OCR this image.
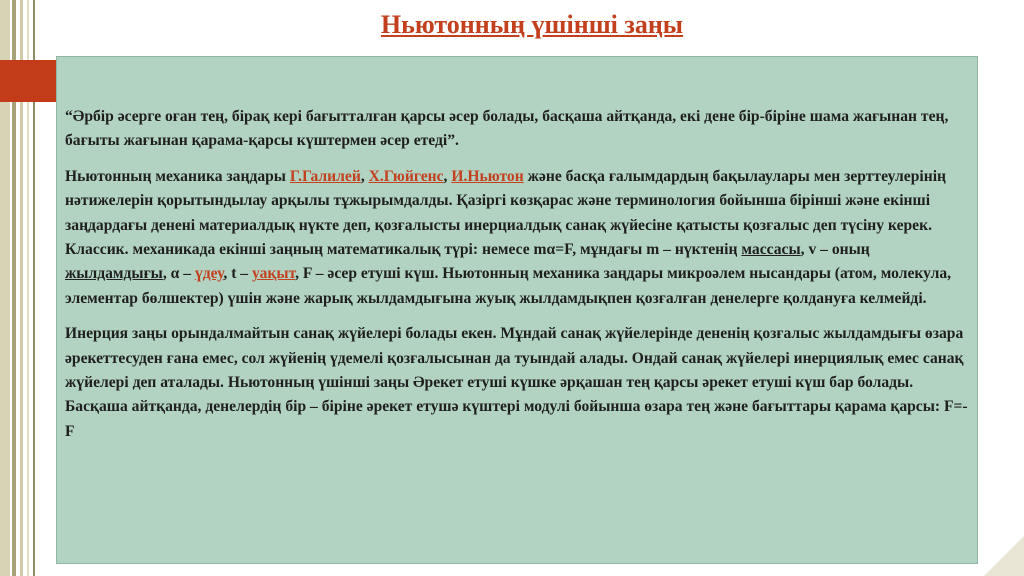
Ньютонның үшінші заңы

“Әрбір әсерге оған тең, бірақ кері бағытталған қарсы әсер болады, басқаша айтқанда, екі дене бір-біріне шама жағынан тең, бағыты жағынан қарама-қарсы күштермен әсер етеді”.

Ньютонның механика заңдары Г.Галилей, Х.Гюйгенс, И.Ньютон және басқа ғалымдардың бақылаулары мен зерттеулерінің нәтижелерін қорытындылау арқылы тұжырымдалды. Қазіргі көзқарас және терминология бойынша бірінші және екінші заңдардағы денені материалдық нүкте деп, қозғалысты инерциалдық санақ жүйесіне қатысты қозғалыс деп түсіну керек. Классик. механикада екінші заңның математикалық түрі: немесе mα=F, мұндағы m – нүктенің массасы, v – оның жылдамдығы, α – үдеу, t – уақыт, F – әсер етуші күш. Ньютонның механика заңдары микроәлем нысандары (атом, молекула, элементар бөлшектер) үшін және жарық жылдамдығына жуық жылдамдықпен қозғалған денелерге қолдануға келмейді.

Инерция заңы орындалмайтын санақ жүйелері болады екен. Мұндай санақ жүйелерінде дененің қозғалыс жылдамдығы өзара әрекеттесуден ғана емес, сол жүйенің үдемелі қозғалысынан да туындай алады. Ондай санақ жүйелері инерциялық емес санақ жүйелері деп аталады. Ньютонның үшінші заңы Әрекет етуші күшке әрқашан тең қарсы әрекет етуші күш бар болады. Басқаша айтқанда, денелердің бір – біріне әрекет етушә күштері модулі бойынша өзара тең және бағыттары қарама қарсы: F=-F
